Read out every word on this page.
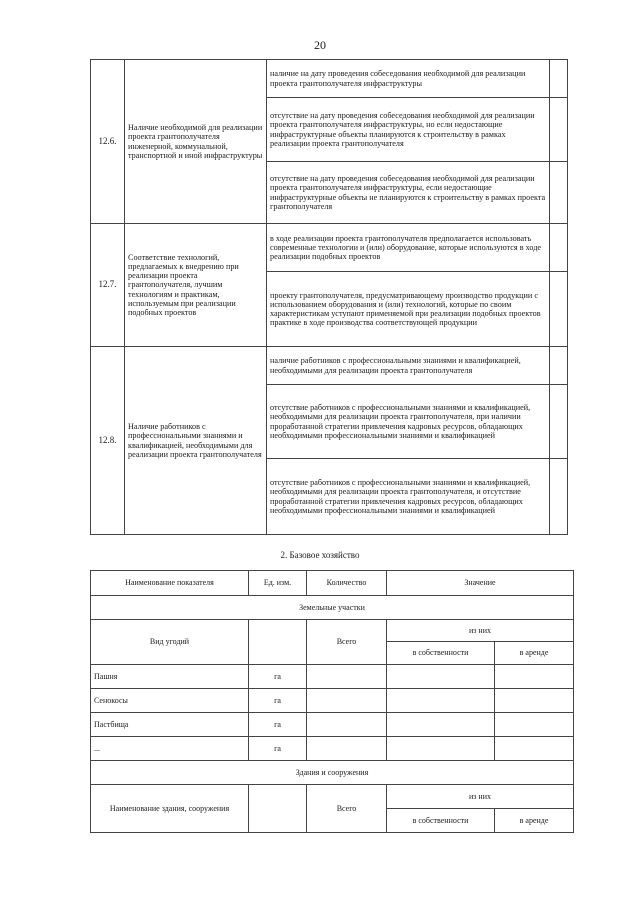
20
12.6.	Наличие необходимой для реализации проекта грантополучателя инженерной, коммунальной, транспортной и иной инфраструктуры	наличие на дату проведения собеседования необходимой для реализации проекта грантополучателя инфраструктуры	
		отсутствие на дату проведения собеседования необходимой для реализации проекта грантополучателя инфраструктуры, но если недостающие инфраструктурные объекты планируются к строительству в рамках реализации проекта грантополучателя	
		отсутствие на дату проведения собеседования необходимой для реализации проекта грантополучателя инфраструктуры, если недостающие инфраструктурные объекты не планируются к строительству в рамках проекта грантополучателя	
12.7.	Соответствие технологий, предлагаемых к внедрению при реализации проекта грантополучателя, лучшим технологиям и практикам, используемым при реализации подобных проектов	в ходе реализации проекта грантополучателя предполагается использовать современные технологии и (или) оборудование, которые используются в ходе реализации подобных проектов	
		проекту грантополучателя, предусматривающему производство продукции с использованием оборудования и (или) технологий, которые по своим характеристикам уступают применяемой при реализации подобных проектов практике в ходе производства соответствующей продукции	
12.8.	Наличие работников с профессиональными знаниями и квалификацией, необходимыми для реализации проекта грантополучателя	наличие работников с профессиональными знаниями и квалификацией, необходимыми для реализации проекта грантополучателя	
		отсутствие работников с профессиональными знаниями и квалификацией, необходимыми для реализации проекта грантополучателя, при наличии проработанной стратегии привлечения кадровых ресурсов, обладающих необходимыми профессиональными знаниями и квалификацией	
		отсутствие работников с профессиональными знаниями и квалификацией, необходимыми для реализации проекта грантополучателя, и отсутствие проработанной стратегии привлечения кадровых ресурсов, обладающих необходимыми профессиональными знаниями и квалификацией	
2. Базовое хозяйство
Наименование показателя	Ед. изм.	Количество	Значение	
Земельные участки				
Вид угодий		Всего	из них	
			в собственности	в аренде
Пашня	га			
Сенокосы	га			
Пастбища	га			
...	га			
Здания и сооружения				
Наименование здания, сооружения		Всего	из них	
			в собственности	в аренде
